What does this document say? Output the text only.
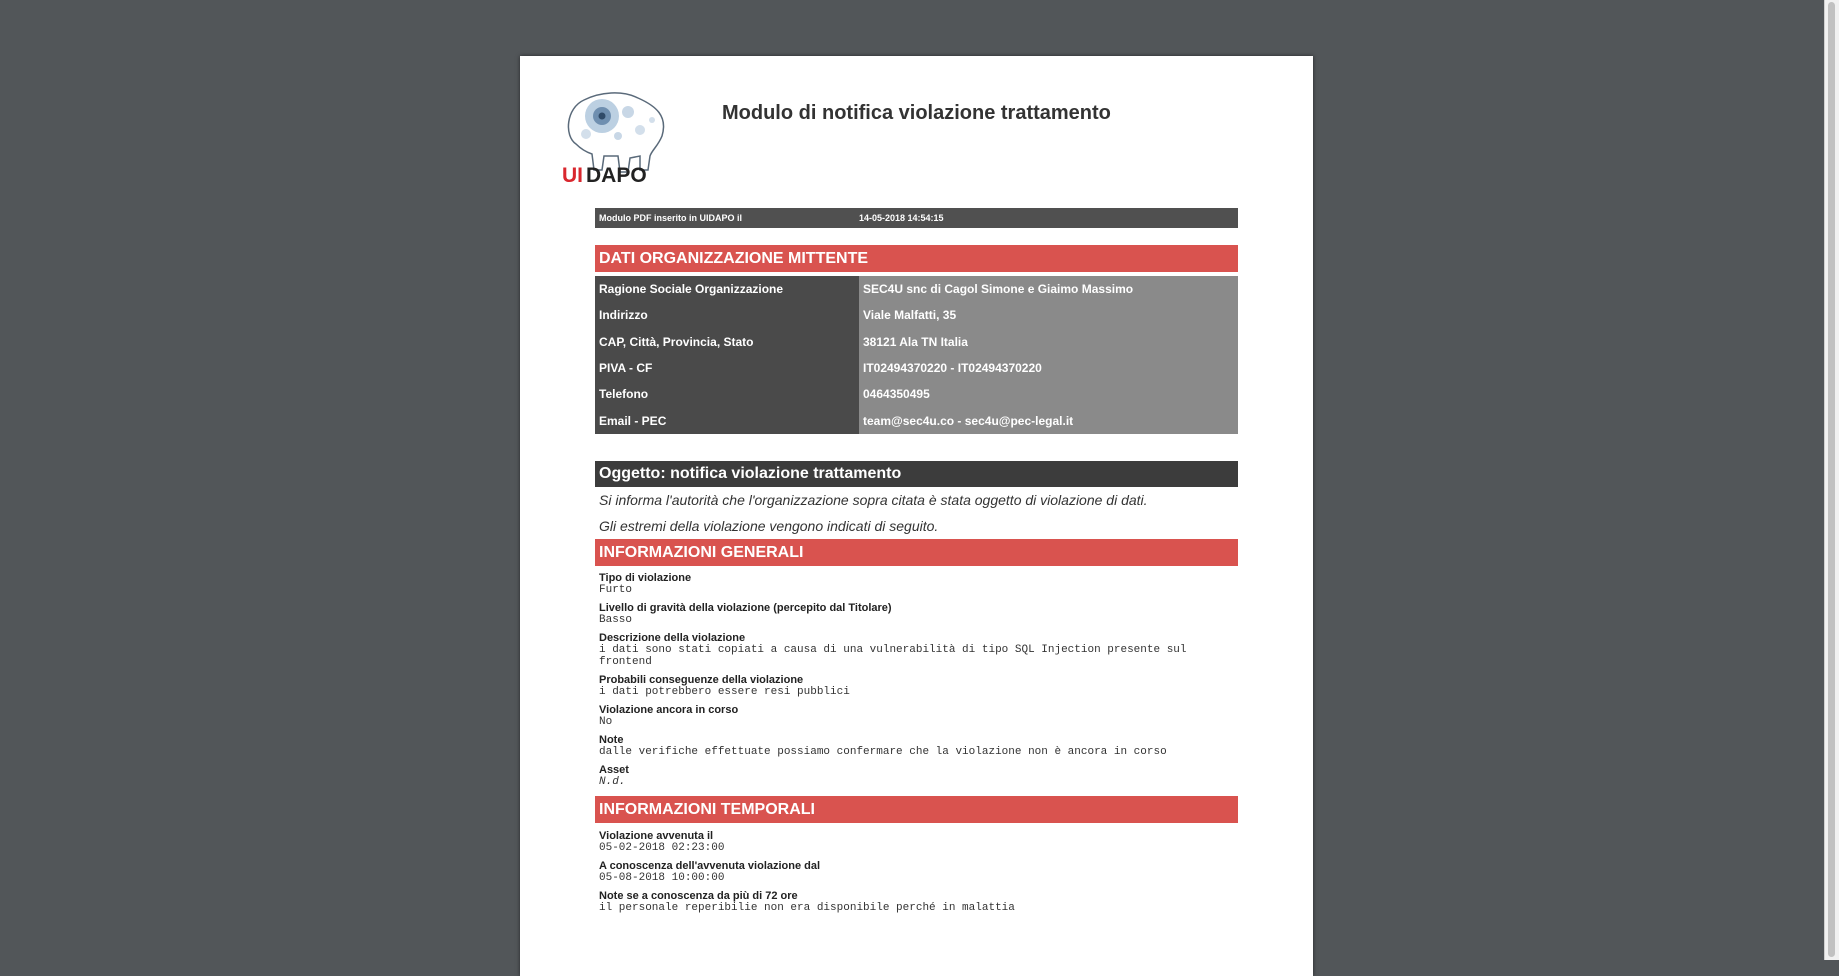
UI DAPO
Modulo di notifica violazione trattamento
Modulo PDF inserito in UIDAPO il	14-05-2018 14:54:15
DATI ORGANIZZAZIONE MITTENTE
Ragione Sociale Organizzazione	SEC4U snc di Cagol Simone e Giaimo Massimo
Indirizzo	Viale Malfatti, 35
CAP, Città, Provincia, Stato	38121 Ala TN Italia
PIVA - CF	IT02494370220 - IT02494370220
Telefono	0464350495
Email - PEC	team@sec4u.co - sec4u@pec-legal.it
Oggetto: notifica violazione trattamento
Si informa l'autorità che l'organizzazione sopra citata è stata oggetto di violazione di dati.
Gli estremi della violazione vengono indicati di seguito.
INFORMAZIONI GENERALI
Tipo di violazione
Furto
Livello di gravità della violazione (percepito dal Titolare)
Basso
Descrizione della violazione
i dati sono stati copiati a causa di una vulnerabilità di tipo SQL Injection presente sul frontend
Probabili conseguenze della violazione
i dati potrebbero essere resi pubblici
Violazione ancora in corso
No
Note
dalle verifiche effettuate possiamo confermare che la violazione non è ancora in corso
Asset
N.d.
INFORMAZIONI TEMPORALI
Violazione avvenuta il
05-02-2018 02:23:00
A conoscenza dell'avvenuta violazione dal
05-08-2018 10:00:00
Note se a conoscenza da più di 72 ore
il personale reperibilie non era disponibile perché in malattia
